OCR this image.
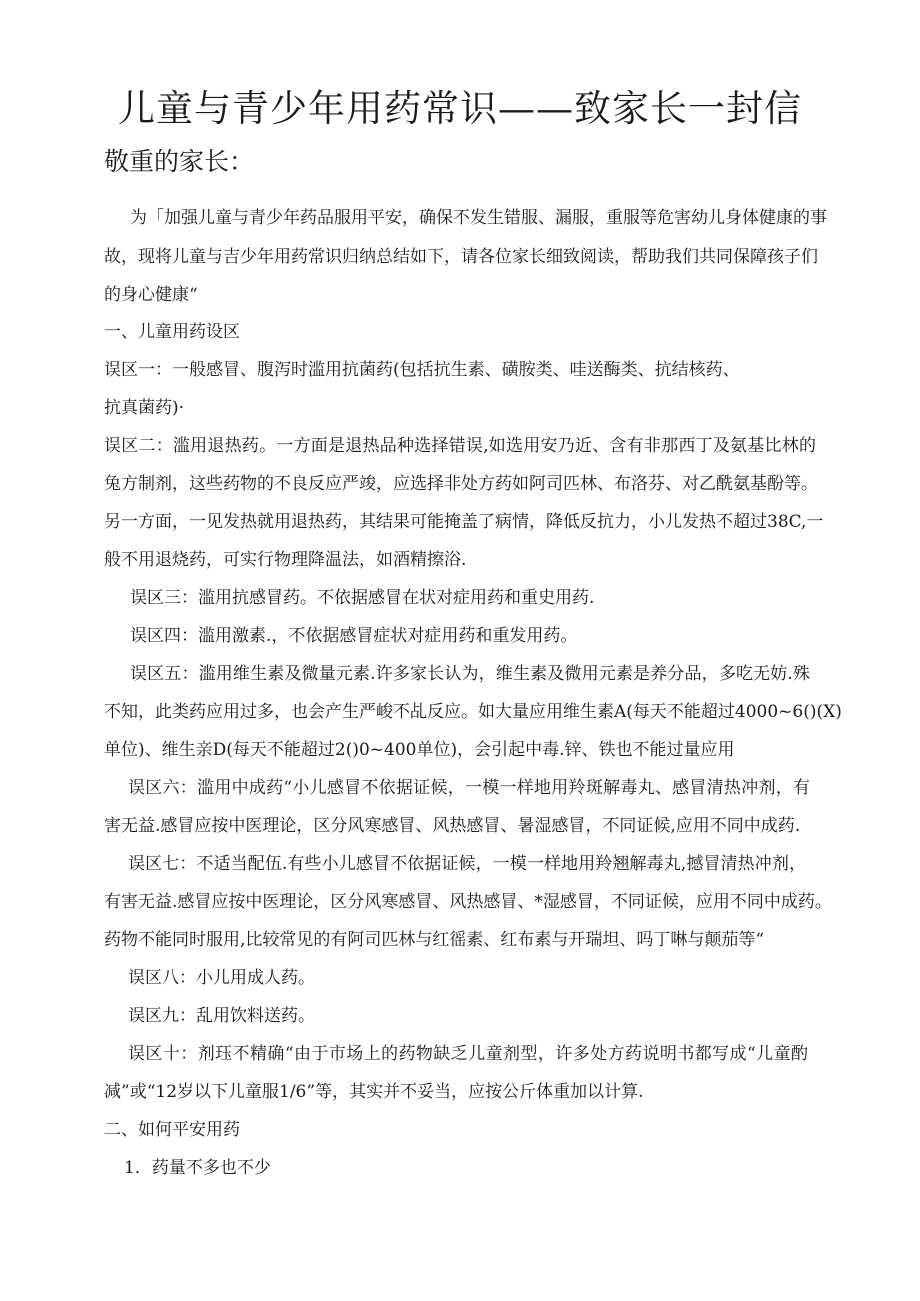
儿童与青少年用药常识——致家长一封信

敬重的家长：

为「加强儿童与青少年药品服用平安，确保不发生错服、漏服，重服等危害幼儿身体健康的事

故，现将儿童与吉少年用药常识归纳总结如下，请各位家长细致阅读，帮助我们共同保障孩子们

的身心健康“

一、儿童用药设区

误区一：一般感冒、腹泻时滥用抗菌药(包括抗生素、磺胺类、哇送酶类、抗结核药、

抗真菌药)·

误区二：滥用退热药。一方面是退热品种选择错误,如选用安乃近、含有非那西丁及氨基比林的

兔方制剂，这些药物的不良反应严竣，应选择非处方药如阿司匹林、布洛芬、对乙酰氨基酚等。

另一方面，一见发热就用退热药，其结果可能掩盖了病情，降低反抗力，小儿发热不超过38C,一

般不用退烧药，可实行物理降温法，如酒精擦浴.

误区三：滥用抗感冒药。不依据感冒在状对症用药和重史用药.

误区四：滥用激素.，不依据感冒症状对症用药和重发用药。

误区五：滥用维生素及微量元素.许多家长认为，维生素及微用元素是养分品，多吃无妨.殊

不知，此类药应用过多，也会产生严峻不乩反应。如大量应用维生素A(每天不能超过4000~6()(X)

单位)、维生亲D(每天不能超过2()0~400单位)，会引起中毒.锌、铁也不能过量应用

误区六：滥用中成药“小儿感冒不依据证候，一模一样地用羚斑解毒丸、感冒清热冲剂，有

害无益.感冒应按中医理论，区分风寒感冒、风热感冒、暑湿感冒，不同证候,应用不同中成药.

误区七：不适当配伍.有些小儿感冒不依据证候，一模一样地用羚翘解毒丸,撼冒清热冲剂，

有害无益.感冒应按中医理论，区分风寒感冒、风热感冒、*湿感冒，不同证候，应用不同中成药。

药物不能同时服用,比较常见的有阿司匹林与红徭素、红布素与开瑞坦、吗丁啉与颠茄等“

误区八：小儿用成人药。

误区九：乱用饮料送药。

误区十：剂珏不精确“由于市场上的药物缺乏儿童剂型，许多处方药说明书都写成“儿童酌

减”或“12岁以下儿童服1/6”等，其实并不妥当，应按公斤体重加以计算.

二、如何平安用药

1．药量不多也不少
